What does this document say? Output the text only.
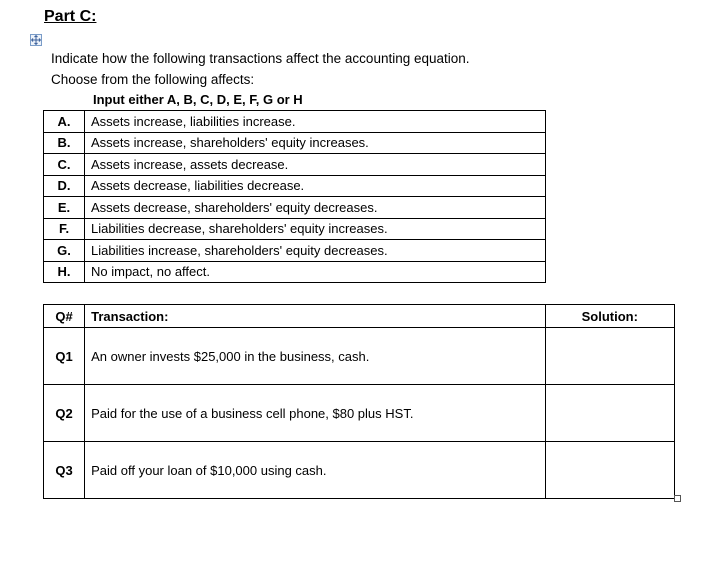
Part C:
Indicate how the following transactions affect the accounting equation.
Choose from the following affects:
Input either A, B, C, D, E, F, G or H
A.	Assets increase, liabilities increase.
B.	Assets increase, shareholders' equity increases.
C.	Assets increase, assets decrease.
D.	Assets decrease, liabilities decrease.
E.	Assets decrease, shareholders' equity decreases.
F.	Liabilities decrease, shareholders' equity increases.
G.	Liabilities increase, shareholders' equity decreases.
H.	No impact, no affect.
Q#	Transaction:	Solution:
Q1	An owner invests $25,000 in the business, cash.	
Q2	Paid for the use of a business cell phone, $80 plus HST.	
Q3	Paid off your loan of $10,000 using cash.	
